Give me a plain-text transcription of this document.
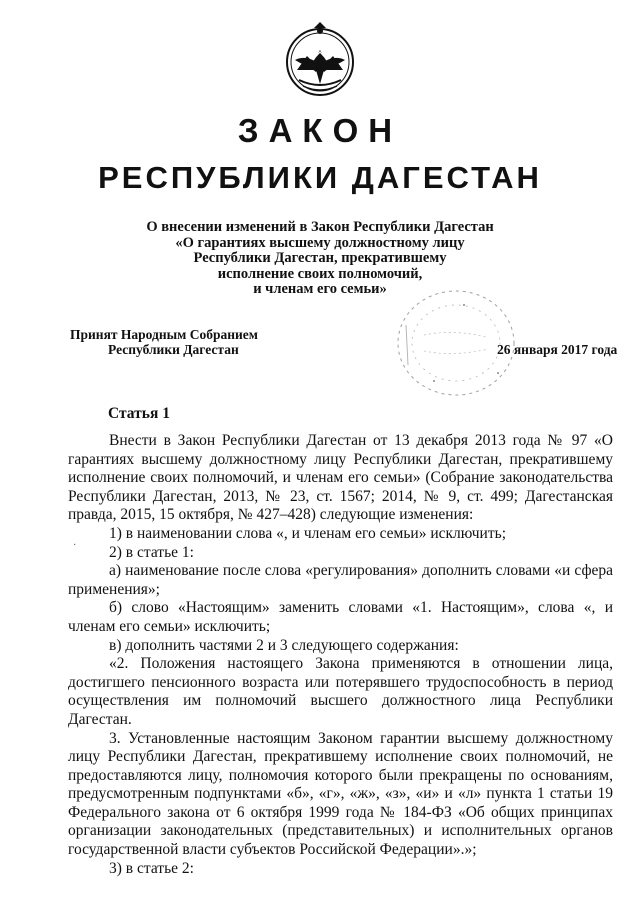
ЗАКОН
РЕСПУБЛИКИ ДАГЕСТАН
О внесении изменений в Закон Республики Дагестан
«О гарантиях высшему должностному лицу
Республики Дагестан, прекратившему
исполнение своих полномочий,
и членам его семьи»
Принят Народным Собранием
Республики Дагестан	26 января 2017 года
Статья 1
·

Внести в Закон Республики Дагестан от 13 декабря 2013 года № 97 «О гарантиях высшему должностному лицу Республики Дагестан, прекратившему исполнение своих полномочий, и членам его семьи» (Собрание законодательства Республики Дагестан, 2013, № 23, ст. 1567; 2014, № 9, ст. 499; Дагестанская правда, 2015, 15 октября, № 427–428) следующие изменения:

1) в наименовании слова «, и членам его семьи» исключить;

2) в статье 1:

а) наименование после слова «регулирования» дополнить словами «и сфера применения»;

б) слово «Настоящим» заменить словами «1. Настоящим», слова «, и членам его семьи» исключить;

в) дополнить частями 2 и 3 следующего содержания:

«2. Положения настоящего Закона применяются в отношении лица, достигшего пенсионного возраста или потерявшего трудоспособность в период осуществления им полномочий высшего должностного лица Республики Дагестан.

3. Установленные настоящим Законом гарантии высшему должностному лицу Республики Дагестан, прекратившему исполнение своих полномочий, не предоставляются лицу, полномочия которого были прекращены по основаниям, предусмотренным подпунктами «б», «г», «ж», «з», «и» и «л» пункта 1 статьи 19 Федерального закона от 6 октября 1999 года № 184-ФЗ «Об общих принципах организации законодательных (представительных) и исполнительных органов государственной власти субъектов Российской Федерации».»;

3) в статье 2:
